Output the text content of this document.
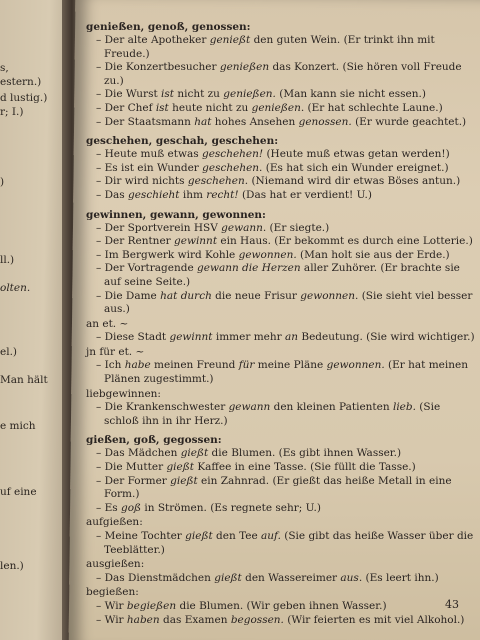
s,
estern.)
d lustig.)
r; I.)
)
ll.)
olten.
el.)
Man hält
e mich
uf eine
len.)
genießen, genoß, genossen:
– Der alte Apotheker genießt den guten Wein. (Er trinkt ihn mit Freude.)
– Die Konzertbesucher genießen das Konzert. (Sie hören voll Freude zu.)
– Die Wurst ist nicht zu genießen. (Man kann sie nicht essen.)
– Der Chef ist heute nicht zu genießen. (Er hat schlechte Laune.)
– Der Staatsmann hat hohes Ansehen genossen. (Er wurde geachtet.)
geschehen, geschah, geschehen:
– Heute muß etwas geschehen! (Heute muß etwas getan werden!)
– Es ist ein Wunder geschehen. (Es hat sich ein Wunder ereignet.)
– Dir wird nichts geschehen. (Niemand wird dir etwas Böses antun.)
– Das geschieht ihm recht! (Das hat er verdient! U.)
gewinnen, gewann, gewonnen:
– Der Sportverein HSV gewann. (Er siegte.)
– Der Rentner gewinnt ein Haus. (Er bekommt es durch eine Lotterie.)
– Im Bergwerk wird Kohle gewonnen. (Man holt sie aus der Erde.)
– Der Vortragende gewann die Herzen aller Zuhörer. (Er brachte sie auf seine Seite.)
– Die Dame hat durch die neue Frisur gewonnen. (Sie sieht viel besser aus.)
an et. ~
– Diese Stadt gewinnt immer mehr an Bedeutung. (Sie wird wichtiger.)
jn für et. ~
– Ich habe meinen Freund für meine Pläne gewonnen. (Er hat meinen Plänen zugestimmt.)
liebgewinnen:
– Die Krankenschwester gewann den kleinen Patienten lieb. (Sie schloß ihn in ihr Herz.)
gießen, goß, gegossen:
– Das Mädchen gießt die Blumen. (Es gibt ihnen Wasser.)
– Die Mutter gießt Kaffee in eine Tasse. (Sie füllt die Tasse.)
– Der Former gießt ein Zahnrad. (Er gießt das heiße Metall in eine Form.)
– Es goß in Strömen. (Es regnete sehr; U.)
aufgießen:
– Meine Tochter gießt den Tee auf. (Sie gibt das heiße Wasser über die Teeblätter.)
ausgießen:
– Das Dienstmädchen gießt den Wassereimer aus. (Es leert ihn.)
begießen:
– Wir begießen die Blumen. (Wir geben ihnen Wasser.)
– Wir haben das Examen begossen. (Wir feierten es mit viel Alkohol.)
43
